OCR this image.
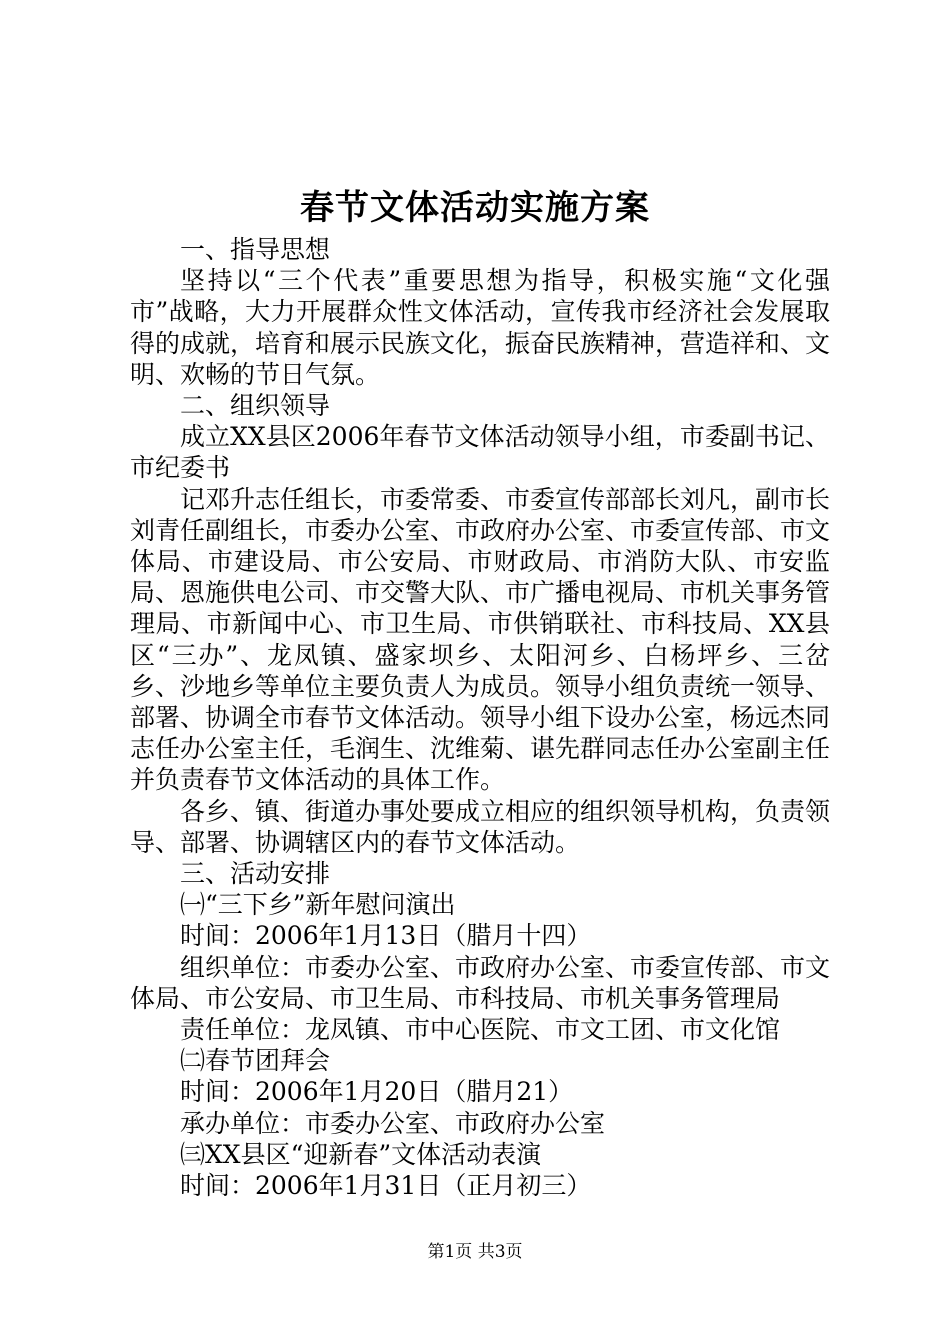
春节文体活动实施方案

一、指导思想

坚持以“三个代表”重要思想为指导，积极实施“文化强市”战略，大力开展群众性文体活动，宣传我市经济社会发展取得的成就，培育和展示民族文化，振奋民族精神，营造祥和、文明、欢畅的节日气氛。

二、组织领导

成立XX县区2006年春节文体活动领导小组，市委副书记、市纪委书

记邓升志任组长，市委常委、市委宣传部部长刘凡，副市长刘青任副组长，市委办公室、市政府办公室、市委宣传部、市文体局、市建设局、市公安局、市财政局、市消防大队、市安监局、恩施供电公司、市交警大队、市广播电视局、市机关事务管理局、市新闻中心、市卫生局、市供销联社、市科技局、XX县区“三办”、龙凤镇、盛家坝乡、太阳河乡、白杨坪乡、三岔乡、沙地乡等单位主要负责人为成员。领导小组负责统一领导、部署、协调全市春节文体活动。领导小组下设办公室，杨远杰同志任办公室主任，毛润生、沈维菊、谌先群同志任办公室副主任并负责春节文体活动的具体工作。

各乡、镇、街道办事处要成立相应的组织领导机构，负责领导、部署、协调辖区内的春节文体活动。

三、活动安排

㈠“三下乡”新年慰问演出

时间：2006年1月13日（腊月十四）

组织单位：市委办公室、市政府办公室、市委宣传部、市文体局、市公安局、市卫生局、市科技局、市机关事务管理局

责任单位：龙凤镇、市中心医院、市文工团、市文化馆

㈡春节团拜会

时间：2006年1月20日（腊月21）

承办单位：市委办公室、市政府办公室

㈢XX县区“迎新春”文体活动表演

时间：2006年1月31日（正月初三）

第1页 共3页
